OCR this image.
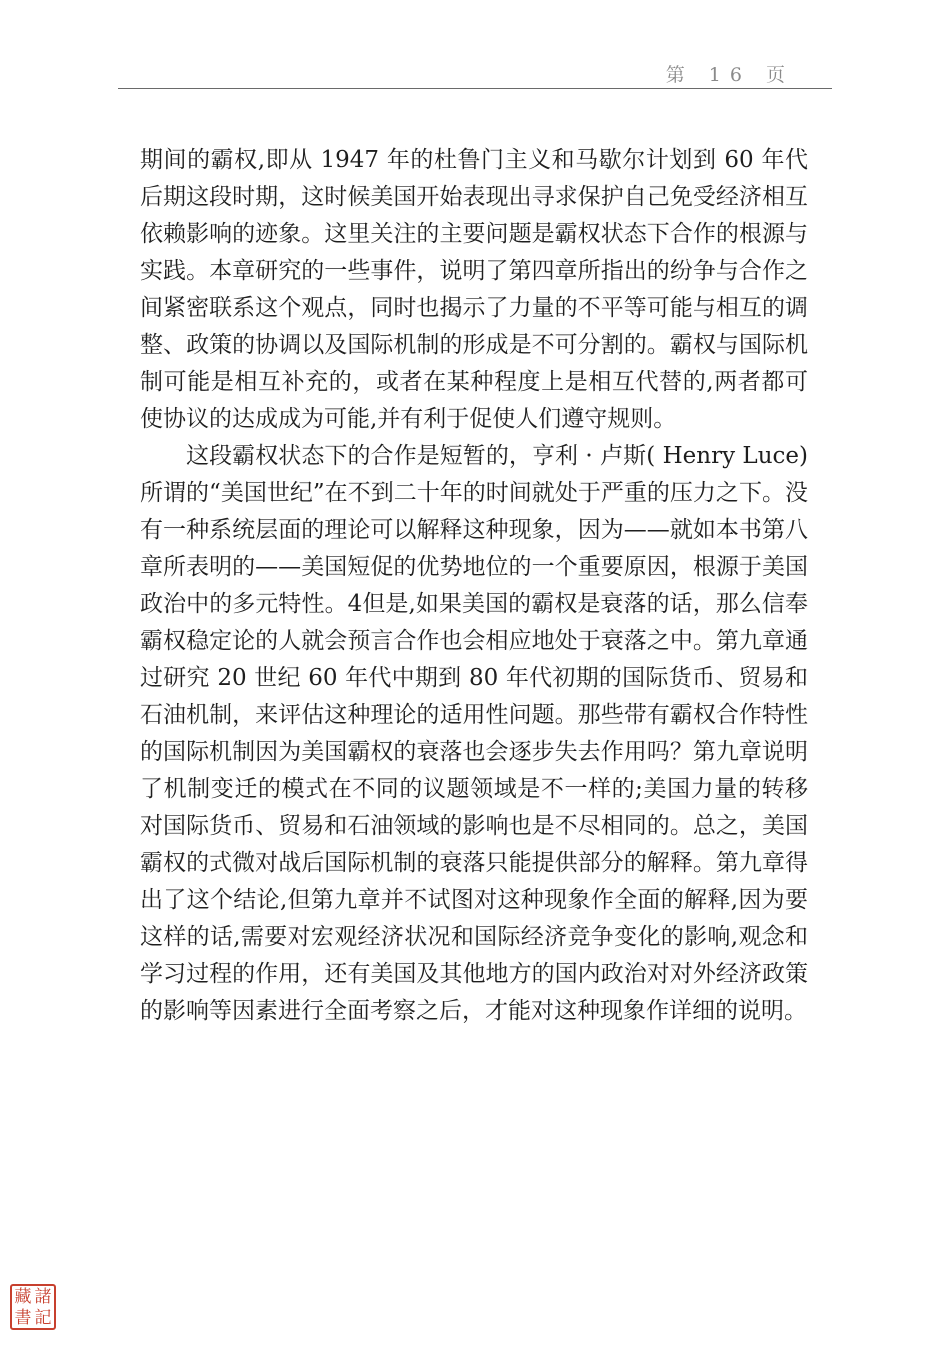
第 16 页

期间的霸权,即从 1947 年的杜鲁门主义和马歇尔计划到 60 年代后期这段时期，这时候美国开始表现出寻求保护自己免受经济相互依赖影响的迹象。这里关注的主要问题是霸权状态下合作的根源与实践。本章研究的一些事件，说明了第四章所指出的纷争与合作之间紧密联系这个观点，同时也揭示了力量的不平等可能与相互的调整、政策的协调以及国际机制的形成是不可分割的。霸权与国际机制可能是相互补充的，或者在某种程度上是相互代替的,两者都可使协议的达成成为可能,并有利于促使人们遵守规则。

这段霸权状态下的合作是短暂的，亨利 · 卢斯( Henry Luce)所谓的“美国世纪”在不到二十年的时间就处于严重的压力之下。没有一种系统层面的理论可以解释这种现象，因为——就如本书第八章所表明的——美国短促的优势地位的一个重要原因，根源于美国政治中的多元特性。4但是,如果美国的霸权是衰落的话，那么信奉霸权稳定论的人就会预言合作也会相应地处于衰落之中。第九章通过研究 20 世纪 60 年代中期到 80 年代初期的国际货币、贸易和石油机制，来评估这种理论的适用性问题。那些带有霸权合作特性的国际机制因为美国霸权的衰落也会逐步失去作用吗？第九章说明了机制变迁的模式在不同的议题领域是不一样的;美国力量的转移对国际货币、贸易和石油领域的影响也是不尽相同的。总之，美国霸权的式微对战后国际机制的衰落只能提供部分的解释。第九章得出了这个结论,但第九章并不试图对这种现象作全面的解释,因为要这样的话,需要对宏观经济状况和国际经济竞争变化的影响,观念和学习过程的作用，还有美国及其他地方的国内政治对对外经济政策的影响等因素进行全面考察之后，才能对这种现象作详细的说明。

藏 諸
書 記
